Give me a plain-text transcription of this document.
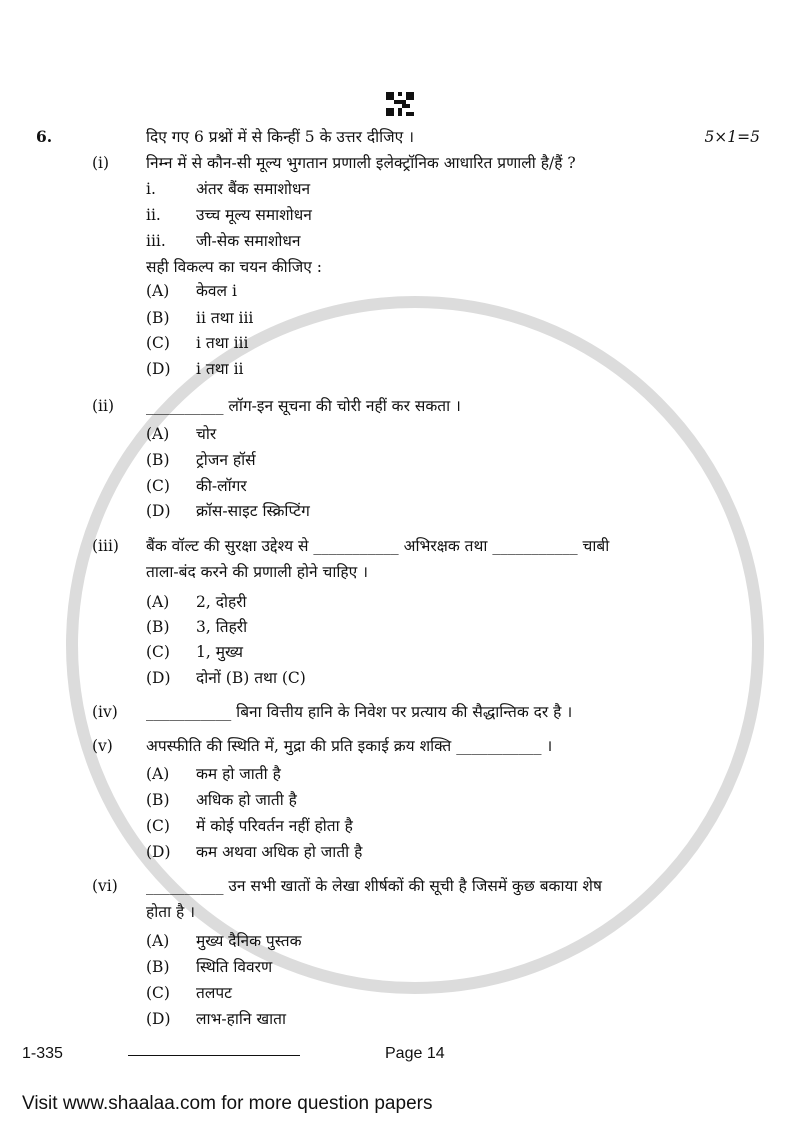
6.	दिए गए 6 प्रश्नों में से किन्हीं 5 के उत्तर दीजिए ।	5×1=5
(i) निम्न में से कौन-सी मूल्य भुगतान प्रणाली इलेक्ट्रॉनिक आधारित प्रणाली है/हैं ?
i.	अंतर बैंक समाशोधन
ii. उच्च मूल्य समाशोधन
iii. जी-सेक समाशोधन
सही विकल्प का चयन कीजिए :
(A) केवल i
(B) ii तथा iii
(C) i तथा iii
(D) i तथा ii
(ii) __________ लॉग-इन सूचना की चोरी नहीं कर सकता ।
(A) चोर
(B) ट्रोजन हॉर्स
(C) की-लॉगर
(D) क्रॉस-साइट स्क्रिप्टिंग
(iii) बैंक वॉल्ट की सुरक्षा उद्देश्य से ___________ अभिरक्षक तथा ___________ चाबी
ताला-बंद करने की प्रणाली होने चाहिए ।
(A) 2, दोहरी
(B) 3, तिहरी
(C) 1, मुख्य
(D) दोनों (B) तथा (C)
(iv) ___________ बिना वित्तीय हानि के निवेश पर प्रत्याय की सैद्धान्तिक दर है ।
(v) अपस्फीति की स्थिति में, मुद्रा की प्रति इकाई क्रय शक्ति ___________ ।
(A) कम हो जाती है
(B) अधिक हो जाती है
(C) में कोई परिवर्तन नहीं होता है
(D) कम अथवा अधिक हो जाती है
(vi) __________ उन सभी खातों के लेखा शीर्षकों की सूची है जिसमें कुछ बकाया शेष
होता है ।
(A) मुख्य दैनिक पुस्तक
(B) स्थिति विवरण
(C) तलपट
(D) लाभ-हानि खाता
1-335	Page 14
Visit www.shaalaa.com for more question papers
